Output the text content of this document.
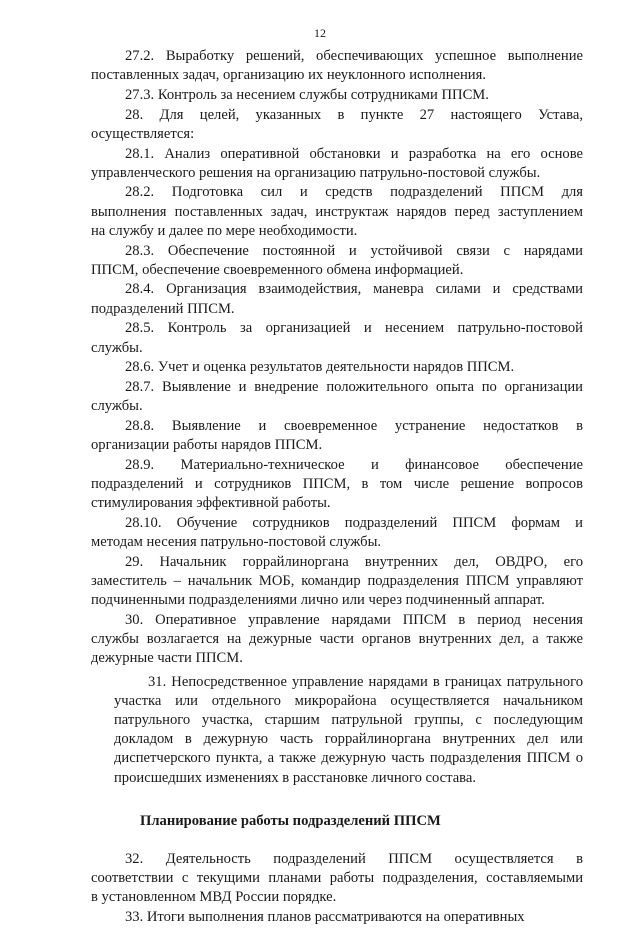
12
27.2. Выработку решений, обеспечивающих успешное выполнение
поставленных задач, организацию их неуклонного исполнения.
27.3. Контроль за несением службы сотрудниками ППСМ.
28. Для целей, указанных в пункте 27 настоящего Устава,
осуществляется:
28.1. Анализ оперативной обстановки и разработка на его основе
управленческого решения на организацию патрульно-постовой службы.
28.2. Подготовка сил и средств подразделений ППСМ для
выполнения поставленных задач, инструктаж нарядов перед заступлением
на службу и далее по мере необходимости.
28.3. Обеспечение постоянной и устойчивой связи с нарядами
ППСМ, обеспечение своевременного обмена информацией.
28.4. Организация взаимодействия, маневра силами и средствами
подразделений ППСМ.
28.5. Контроль за организацией и несением патрульно-постовой
службы.
28.6. Учет и оценка результатов деятельности нарядов ППСМ.
28.7. Выявление и внедрение положительного опыта по организации
службы.
28.8. Выявление и своевременное устранение недостатков в
организации работы нарядов ППСМ.
28.9. Материально-техническое и финансовое обеспечение
подразделений и сотрудников ППСМ, в том числе решение вопросов
стимулирования эффективной работы.
28.10. Обучение сотрудников подразделений ППСМ формам и
методам несения патрульно-постовой службы.
29. Начальник горрайлиноргана внутренних дел, ОВДРО, его
заместитель – начальник МОБ, командир подразделения ППСМ управляют
подчиненными подразделениями лично или через подчиненный аппарат.
30. Оперативное управление нарядами ППСМ в период несения
службы возлагается на дежурные части органов внутренних дел, а также
дежурные части ППСМ.
31. Непосредственное управление нарядами в границах патрульного
участка или отдельного микрорайона осуществляется начальником
патрульного участка, старшим патрульной группы, с последующим
докладом в дежурную часть горрайлиноргана внутренних дел или
диспетчерского пункта, а также дежурную часть подразделения ППСМ о
происшедших изменениях в расстановке личного состава.
Планирование работы подразделений ППСМ
32. Деятельность подразделений ППСМ осуществляется в
соответствии с текущими планами работы подразделения, составляемыми
в установленном МВД России порядке.
33. Итоги выполнения планов рассматриваются на оперативных
